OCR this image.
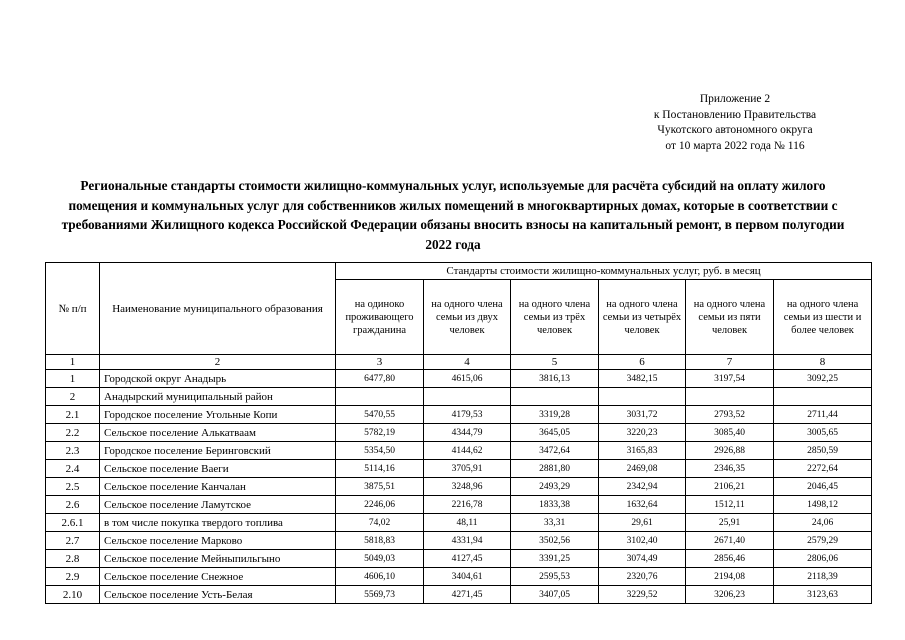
Приложение 2
к Постановлению Правительства
Чукотского автономного округа
от 10 марта 2022 года № 116
Региональные стандарты стоимости жилищно-коммунальных услуг, используемые для расчёта субсидий на оплату жилого помещения и коммунальных услуг для собственников жилых помещений в многоквартирных домах, которые в соответствии с требованиями Жилищного кодекса Российской Федерации обязаны вносить взносы на капитальный ремонт, в первом полугодии 2022 года
№ п/п	Наименование муниципального образования	Стандарты стоимости жилищно-коммунальных услуг, руб. в месяц					
		на одиноко проживающего гражданина	на одного члена семьи из двух человек	на одного члена семьи из трёх человек	на одного члена семьи из четырёх человек	на одного члена семьи из пяти человек	на одного члена семьи из шести и более человек
1	2	3	4	5	6	7	8
1	Городской округ Анадырь	6477,80	4615,06	3816,13	3482,15	3197,54	3092,25
2	Анадырский муниципальный район						
2.1	Городское поселение Угольные Копи	5470,55	4179,53	3319,28	3031,72	2793,52	2711,44
2.2	Сельское поселение Алькатваам	5782,19	4344,79	3645,05	3220,23	3085,40	3005,65
2.3	Городское поселение Беринговский	5354,50	4144,62	3472,64	3165,83	2926,88	2850,59
2.4	Сельское поселение Ваеги	5114,16	3705,91	2881,80	2469,08	2346,35	2272,64
2.5	Сельское поселение Канчалан	3875,51	3248,96	2493,29	2342,94	2106,21	2046,45
2.6	Сельское поселение Ламутское	2246,06	2216,78	1833,38	1632,64	1512,11	1498,12
2.6.1	в том числе покупка твердого топлива	74,02	48,11	33,31	29,61	25,91	24,06
2.7	Сельское поселение Марково	5818,83	4331,94	3502,56	3102,40	2671,40	2579,29
2.8	Сельское поселение Мейныпильгыно	5049,03	4127,45	3391,25	3074,49	2856,46	2806,06
2.9	Сельское поселение Снежное	4606,10	3404,61	2595,53	2320,76	2194,08	2118,39
2.10	Сельское поселение Усть-Белая	5569,73	4271,45	3407,05	3229,52	3206,23	3123,63
